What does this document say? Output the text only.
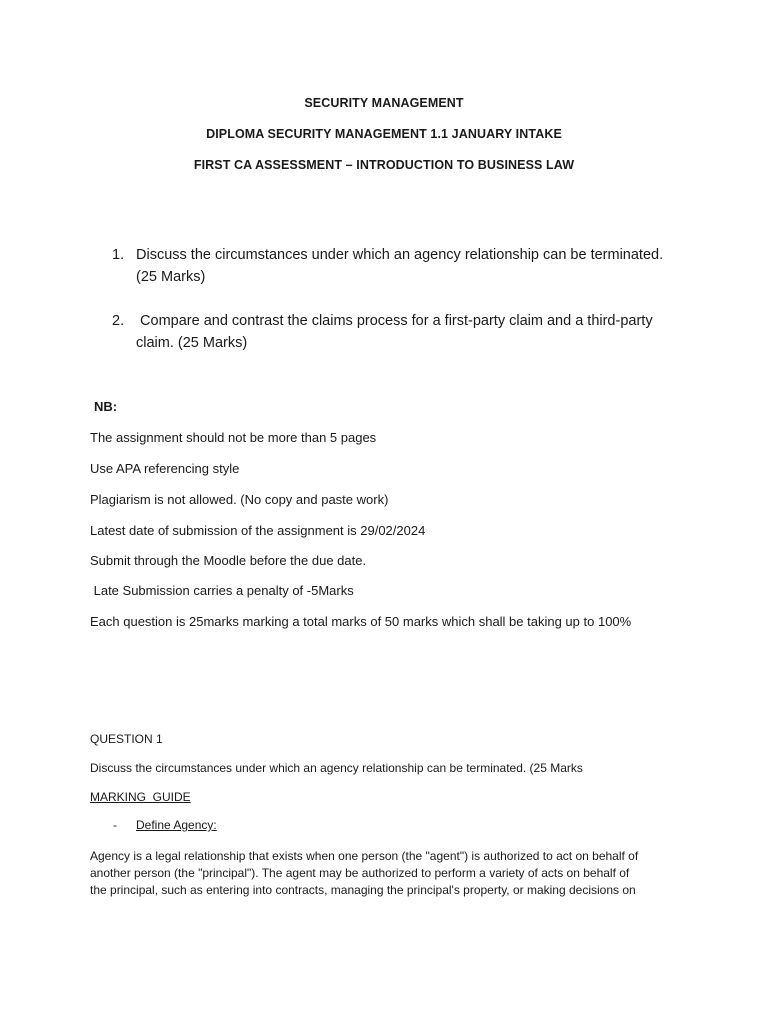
SECURITY MANAGEMENT
DIPLOMA SECURITY MANAGEMENT 1.1 JANUARY INTAKE
FIRST CA ASSESSMENT – INTRODUCTION TO BUSINESS LAW
1. Discuss the circumstances under which an agency relationship can be terminated.
(25 Marks)
2. Compare and contrast the claims process for a first-party claim and a third-party
claim. (25 Marks)
NB:
The assignment should not be more than 5 pages
Use APA referencing style
Plagiarism is not allowed. (No copy and paste work)
Latest date of submission of the assignment is 29/02/2024
Submit through the Moodle before the due date.
Late Submission carries a penalty of -5Marks
Each question is 25marks marking a total marks of 50 marks which shall be taking up to 100%
QUESTION 1
Discuss the circumstances under which an agency relationship can be terminated. (25 Marks
MARKING  GUIDE
- Define Agency:
Agency is a legal relationship that exists when one person (the "agent") is authorized to act on behalf of
another person (the "principal"). The agent may be authorized to perform a variety of acts on behalf of
the principal, such as entering into contracts, managing the principal's property, or making decisions on
